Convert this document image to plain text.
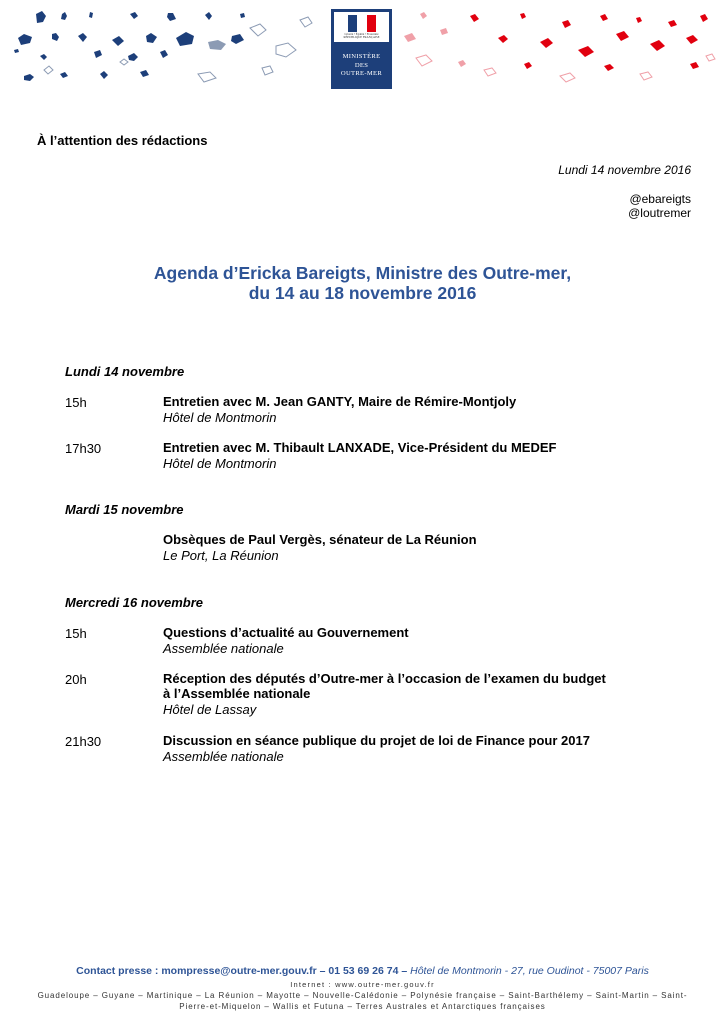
Liberté • Égalité • Fraternité
RÉPUBLIQUE FRANÇAISE
MINISTÈRE
DES
OUTRE-MER
À l’attention des rédactions
Lundi 14 novembre 2016
@ebareigts
@loutremer
Agenda d’Ericka Bareigts, Ministre des Outre-mer,
du 14 au 18 novembre 2016
Lundi 14 novembre
15h	Entretien avec M. Jean GANTY, Maire de Rémire-Montjoly
Hôtel de Montmorin
17h30	Entretien avec M. Thibault LANXADE, Vice-Président du MEDEF
Hôtel de Montmorin
Mardi 15 novembre
Obsèques de Paul Vergès, sénateur de La Réunion
Le Port, La Réunion
Mercredi 16 novembre
15h	Questions d’actualité au Gouvernement
Assemblée nationale
20h	Réception des députés d’Outre-mer à l’occasion de l’examen du budget
à l’Assemblée nationale
Hôtel de Lassay
21h30	Discussion en séance publique du projet de loi de Finance pour 2017
Assemblée nationale
Contact presse : mompresse@outre-mer.gouv.fr – 01 53 69 26 74 – Hôtel de Montmorin - 27, rue Oudinot - 75007 Paris
Internet : www.outre-mer.gouv.fr
Guadeloupe – Guyane – Martinique – La Réunion – Mayotte – Nouvelle-Calédonie – Polynésie française – Saint-Barthélemy – Saint-Martin – Saint-Pierre-et-Miquelon – Wallis et Futuna – Terres Australes et Antarctiques françaises
